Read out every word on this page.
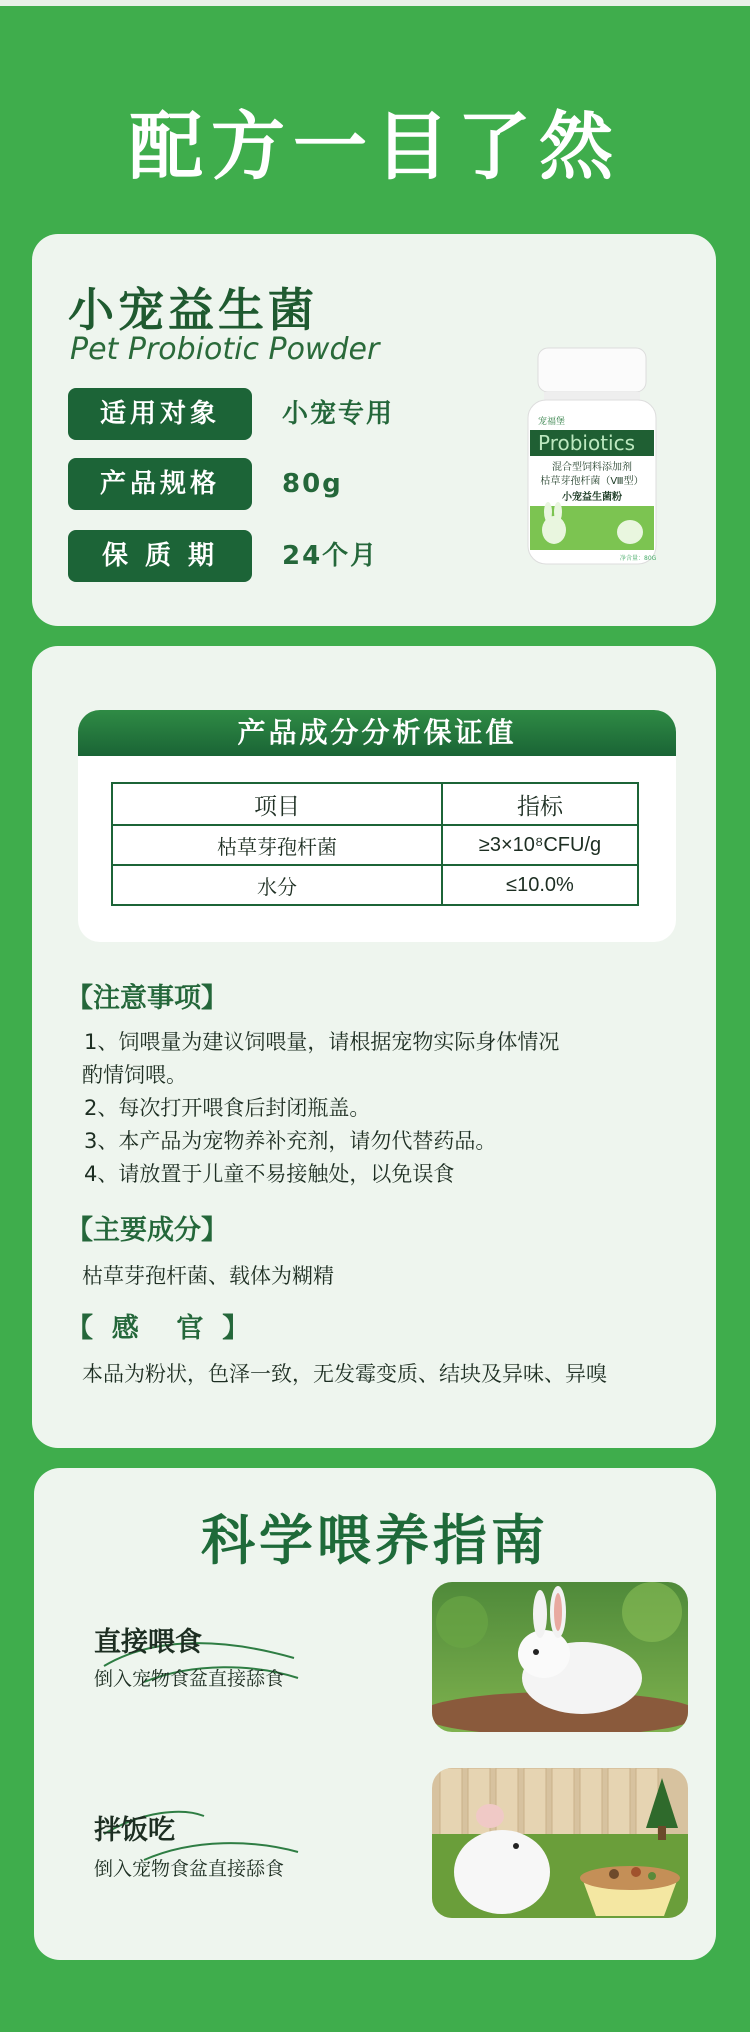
配方一目了然
小宠益生菌
Pet Probiotic Powder
适用对象	小宠专用
产品规格	80g
保 质 期	24个月
宠福堡
Probiotics
混合型饲料添加剂
枯草芽孢杆菌（Ⅷ型）
小宠益生菌粉
净含量：80G
产品成分分析保证值
项目	指标
枯草芽孢杆菌	≥3×10⁸CFU/g
水分	≤10.0%
【注意事项】
1、饲喂量为建议饲喂量，请根据宠物实际身体情况
酌情饲喂。
2、每次打开喂食后封闭瓶盖。
3、本产品为宠物养补充剂，请勿代替药品。
4、请放置于儿童不易接触处，以免误食
【主要成分】
枯草芽孢杆菌、载体为糊精
【  感    官  】
本品为粉状，色泽一致，无发霉变质、结块及异味、异嗅
科学喂养指南
直接喂食
倒入宠物食盆直接舔食
拌饭吃
倒入宠物食盆直接舔食
